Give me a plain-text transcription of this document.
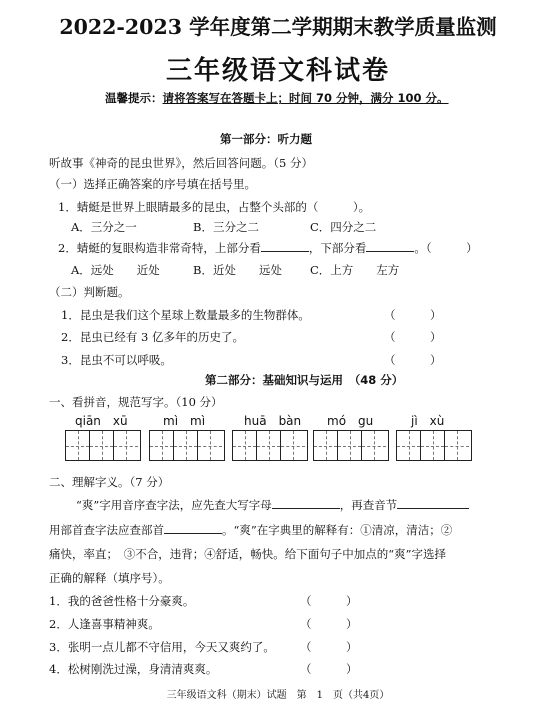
2022-2023 学年度第二学期期末教学质量监测
三年级语文科试卷
温馨提示：请将答案写在答题卡上；时间 70 分钟，满分 100 分。
第一部分：听力题
听故事《神奇的昆虫世界》，然后回答问题。（5 分）
（一）选择正确答案的序号填在括号里。
1．蜻蜓是世界上眼睛最多的昆虫，占整个头部的（　　　）。
A．三分之一	B．三分之二	C．四分之二
2．蜻蜓的复眼构造非常奇特，上部分看	，下部分看	。（　　　）
A．远处　　近处	B．近处　　远处 C．上方　　左方
（二）判断题。
1．昆虫是我们这个星球上数量最多的生物群体。	（　　　）
2．昆虫已经有 3 亿多年的历史了。	（　　　）
3．昆虫不可以呼吸。	（　　　）
第二部分：基础知识与运用　（48 分）
一、看拼音，规范写字。（10 分）
qiān　xū	mì　mì	huā　bàn mó　gu	jì　xù
二、理解字义。（7 分）
“爽”字用音序查字法，应先查大写字母	，再查音节
用部首查字法应查部首	。“爽”在字典里的解释有：①清凉，清洁；②
痛快，率直；　③不合，违背；④舒适，畅快。给下面句子中加点的“爽”字选择
正确的解释（填序号）。
1．我的爸爸性格十分豪爽。	（　　　）
2．人逢喜事精神爽。	（　　　）
3．张明一点儿都不守信用，今天又爽约了。 （　　　）
4．松树刚洗过澡，身清清爽爽。	（　　　）
三年级语文科（期末）试题　第　1　页（共4页）
